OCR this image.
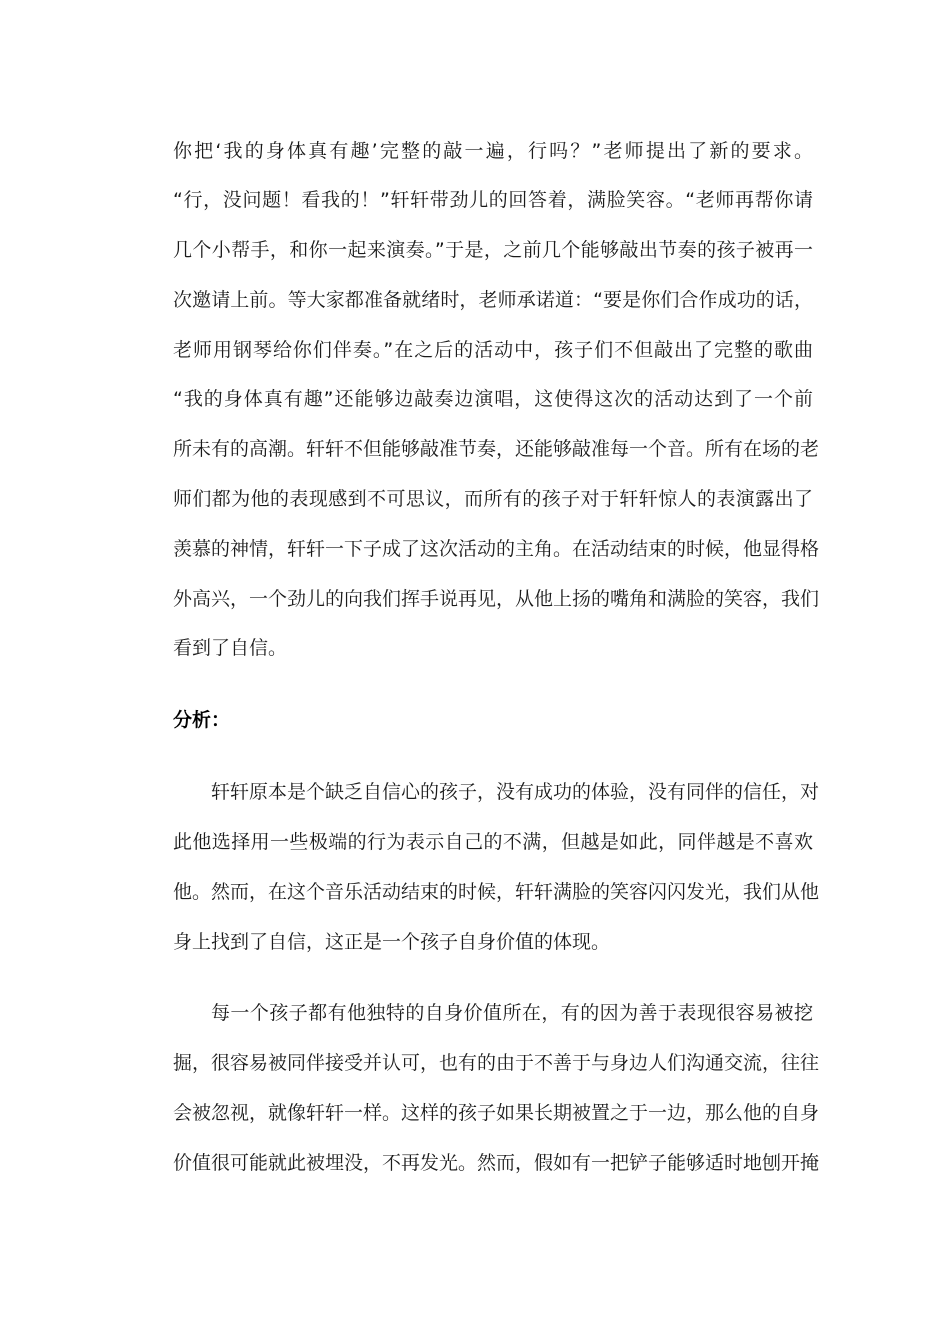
你把‘我的身体真有趣’完整的敲一遍，行吗？”老师提出了新的要求。
“行，没问题！看我的！”轩轩带劲儿的回答着，满脸笑容。“老师再帮你请
几个小帮手，和你一起来演奏。”于是，之前几个能够敲出节奏的孩子被再一
次邀请上前。等大家都准备就绪时，老师承诺道：“要是你们合作成功的话，
老师用钢琴给你们伴奏。”在之后的活动中，孩子们不但敲出了完整的歌曲
“我的身体真有趣”还能够边敲奏边演唱，这使得这次的活动达到了一个前
所未有的高潮。轩轩不但能够敲准节奏，还能够敲准每一个音。所有在场的老
师们都为他的表现感到不可思议，而所有的孩子对于轩轩惊人的表演露出了
羡慕的神情，轩轩一下子成了这次活动的主角。在活动结束的时候，他显得格
外高兴，一个劲儿的向我们挥手说再见，从他上扬的嘴角和满脸的笑容，我们
看到了自信。
分析：
轩轩原本是个缺乏自信心的孩子，没有成功的体验，没有同伴的信任，对
此他选择用一些极端的行为表示自己的不满，但越是如此，同伴越是不喜欢
他。然而，在这个音乐活动结束的时候，轩轩满脸的笑容闪闪发光，我们从他
身上找到了自信，这正是一个孩子自身价值的体现。
每一个孩子都有他独特的自身价值所在，有的因为善于表现很容易被挖
掘，很容易被同伴接受并认可，也有的由于不善于与身边人们沟通交流，往往
会被忽视，就像轩轩一样。这样的孩子如果长期被置之于一边，那么他的自身
价值很可能就此被埋没，不再发光。然而，假如有一把铲子能够适时地刨开掩
